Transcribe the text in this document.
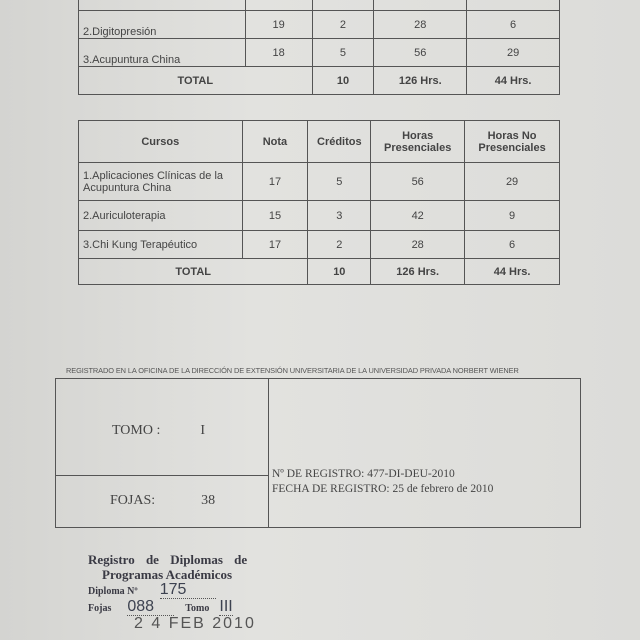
2.Digitopresión	19	2	28	6
3.Acupuntura China	18	5	56	29
TOTAL		10	126 Hrs.	44 Hrs.
Cursos	Nota	Créditos	Horas Presenciales	Horas No Presenciales
1.Aplicaciones Clínicas de la Acupuntura China	17	5	56	29
2.Auriculoterapia	15	3	42	9
3.Chi Kung Terapéutico	17	2	28	6
TOTAL		10	126 Hrs.	44 Hrs.
REGISTRADO EN LA OFICINA DE LA DIRECCIÓN DE EXTENSIÓN UNIVERSITARIA DE LA UNIVERSIDAD PRIVADA NORBERT WIENER
TOMO :	I
FOJAS:	38
Nº DE REGISTRO: 477-DI-DEU-2010
FECHA DE REGISTRO: 25 de febrero de 2010
Registro de Diplomas de
Programas Académicos
Diploma Nº 175
Fojas 088	Tomo III
2 4 FEB 2010
